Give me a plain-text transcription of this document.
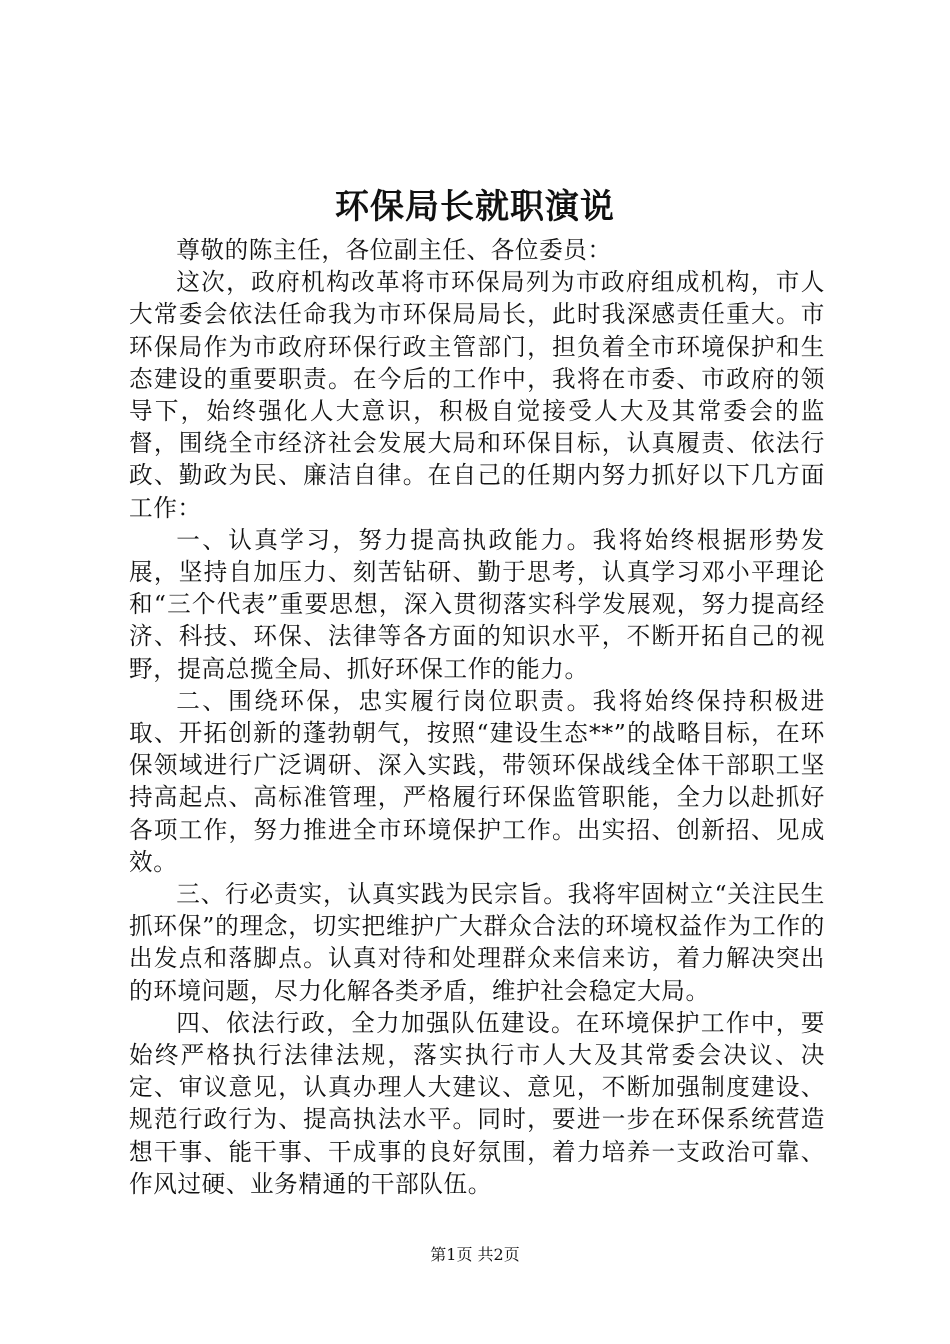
环保局长就职演说

尊敬的陈主任，各位副主任、各位委员：

这次，政府机构改革将市环保局列为市政府组成机构，市人大常委会依法任命我为市环保局局长，此时我深感责任重大。市环保局作为市政府环保行政主管部门，担负着全市环境保护和生态建设的重要职责。在今后的工作中，我将在市委、市政府的领导下，始终强化人大意识，积极自觉接受人大及其常委会的监督，围绕全市经济社会发展大局和环保目标，认真履责、依法行政、勤政为民、廉洁自律。在自己的任期内努力抓好以下几方面工作：

一、认真学习，努力提高执政能力。我将始终根据形势发展，坚持自加压力、刻苦钻研、勤于思考，认真学习邓小平理论和“三个代表”重要思想，深入贯彻落实科学发展观，努力提高经济、科技、环保、法律等各方面的知识水平，不断开拓自己的视野，提高总揽全局、抓好环保工作的能力。

二、围绕环保，忠实履行岗位职责。我将始终保持积极进取、开拓创新的蓬勃朝气，按照“建设生态**”的战略目标，在环保领域进行广泛调研、深入实践，带领环保战线全体干部职工坚持高起点、高标准管理，严格履行环保监管职能，全力以赴抓好各项工作，努力推进全市环境保护工作。出实招、创新招、见成效。

三、行必责实，认真实践为民宗旨。我将牢固树立“关注民生抓环保”的理念，切实把维护广大群众合法的环境权益作为工作的出发点和落脚点。认真对待和处理群众来信来访，着力解决突出的环境问题，尽力化解各类矛盾，维护社会稳定大局。

四、依法行政，全力加强队伍建设。在环境保护工作中，要始终严格执行法律法规，落实执行市人大及其常委会决议、决定、审议意见，认真办理人大建议、意见，不断加强制度建设、规范行政行为、提高执法水平。同时，要进一步在环保系统营造想干事、能干事、干成事的良好氛围，着力培养一支政治可靠、作风过硬、业务精通的干部队伍。

第1页 共2页
